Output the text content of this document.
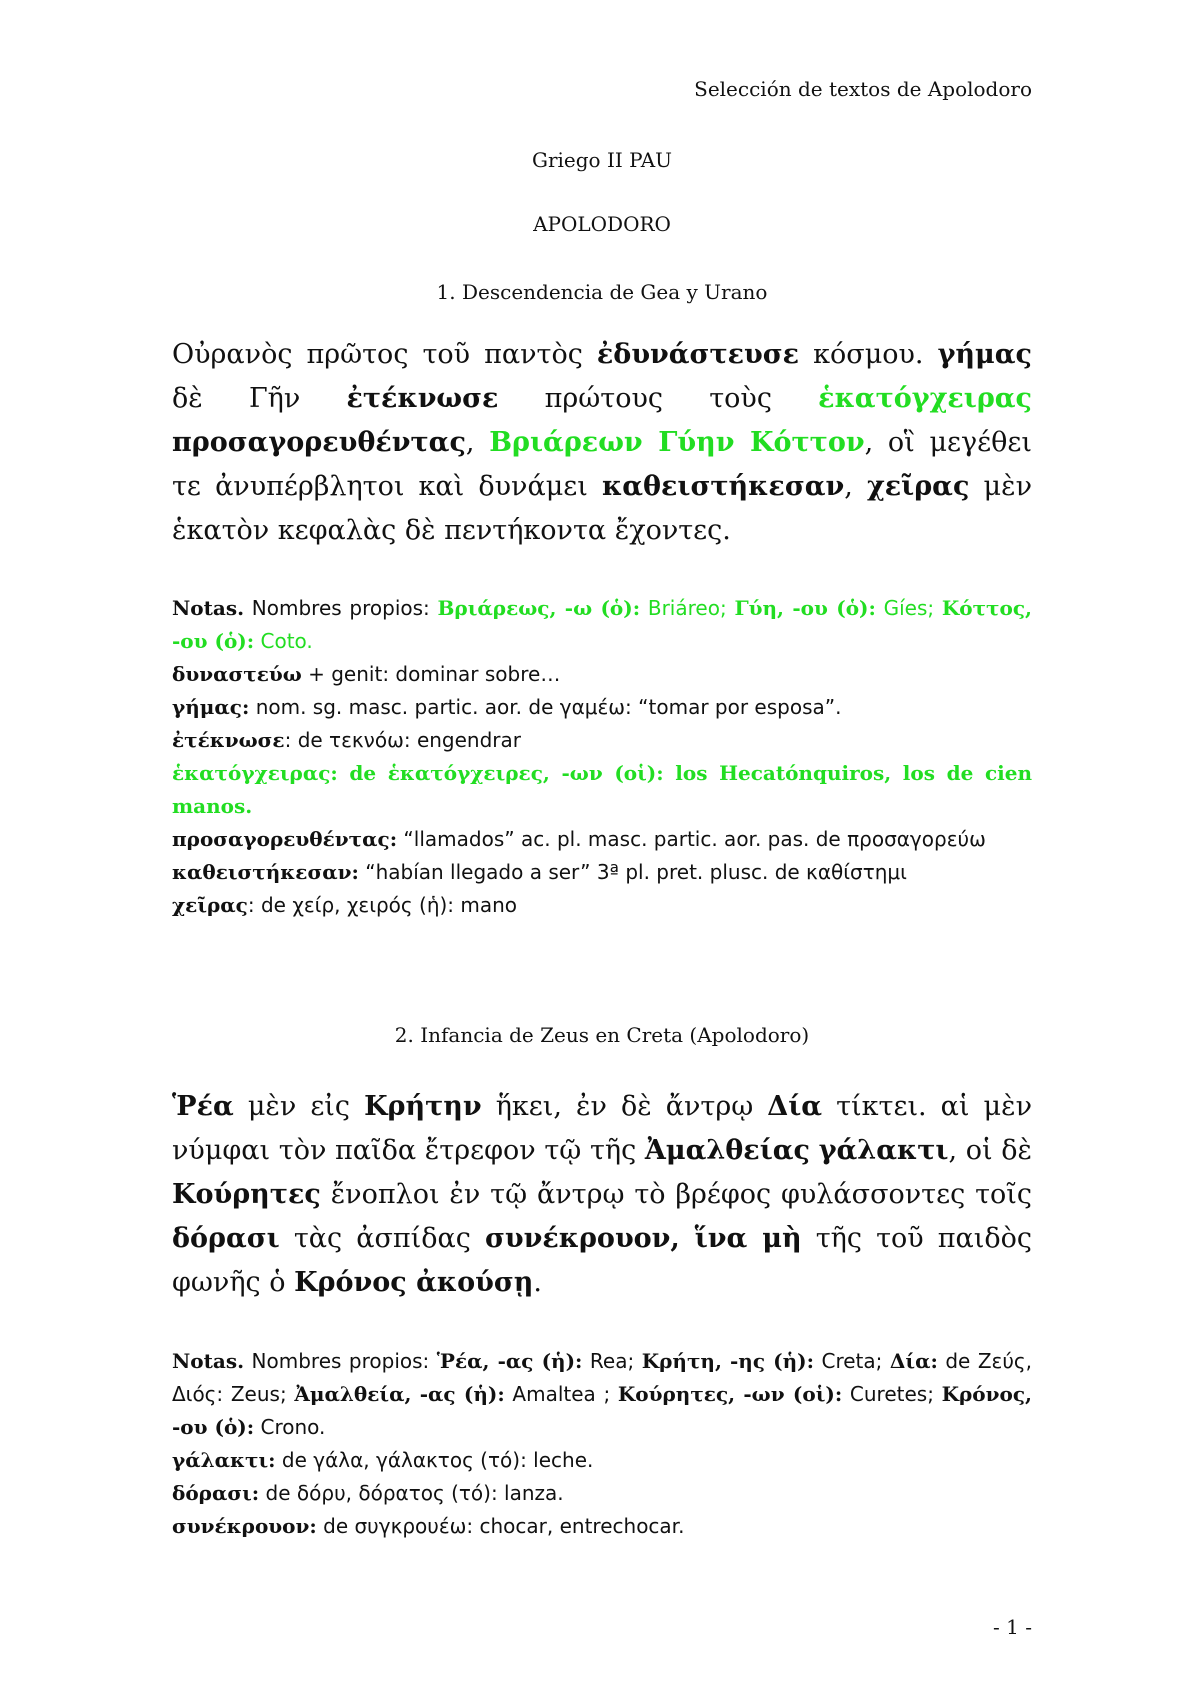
Selección de textos de Apolodoro
Griego II PAU
APOLODORO
1. Descendencia de Gea y Urano
Οὐρανὸς πρῶτος τοῦ παντὸς ἐδυνάστευσε κόσμου. γήμας δὲ Γῆν ἐτέκνωσε πρώτους τοὺς ἑκατόγχειρας προσαγορευθέντας, Βριάρεων Γύην Κόττον, οἳ μεγέθει τε ἀνυπέρβλητοι καὶ δυνάμει καθειστήκεσαν, χεῖρας μὲν ἑκατὸν κεφαλὰς δὲ πεντήκοντα ἔχοντες.
Notas. Nombres propios: Βριάρεως, -ω (ὁ): Briáreo; Γύη, -ου (ὁ): Gíes; Κόττος, -ου (ὁ): Coto.
δυναστεύω + genit: dominar sobre…
γήμας: nom. sg. masc. partic. aor. de γαμέω: “tomar por esposa”.
ἐτέκνωσε: de τεκνόω: engendrar
ἑκατόγχειρας: de ἑκατόγχειρες, -ων (οἱ): los Hecatónquiros, los de cien manos.
προσαγορευθέντας: “llamados” ac. pl. masc. partic. aor. pas. de προσαγορεύω
καθειστήκεσαν: “habían llegado a ser” 3ª pl. pret. plusc. de καθίστημι
χεῖρας: de χείρ, χειρός (ἡ): mano
2. Infancia de Zeus en Creta (Apolodoro)
Ῥέα μὲν εἰς Κρήτην ἥκει, ἐν δὲ ἄντρῳ Δία τίκτει. αἱ μὲν νύμφαι τὸν παῖδα ἔτρεφον τῷ τῆς Ἀμαλθείας γάλακτι, οἱ δὲ Κούρητες ἔνοπλοι ἐν τῷ ἄντρῳ τὸ βρέφος φυλάσσοντες τοῖς δόρασι τὰς ἀσπίδας συνέκρουον, ἵνα μὴ τῆς τοῦ παιδὸς φωνῆς ὁ Κρόνος ἀκούσῃ.
Notas. Nombres propios: Ῥέα, -ας (ἡ): Rea; Κρήτη, -ης (ἡ): Creta; Δία: de Ζεύς, Διός: Zeus; Ἀμαλθεία, -ας (ἡ): Amaltea ; Κούρητες, -ων (οἱ): Curetes; Κρόνος, -ου (ὁ): Crono.
γάλακτι: de γάλα, γάλακτος (τό): leche.
δόρασι: de δόρυ, δόρατος (τό): lanza.
συνέκρουον: de συγκρουέω: chocar, entrechocar.
- 1 -
